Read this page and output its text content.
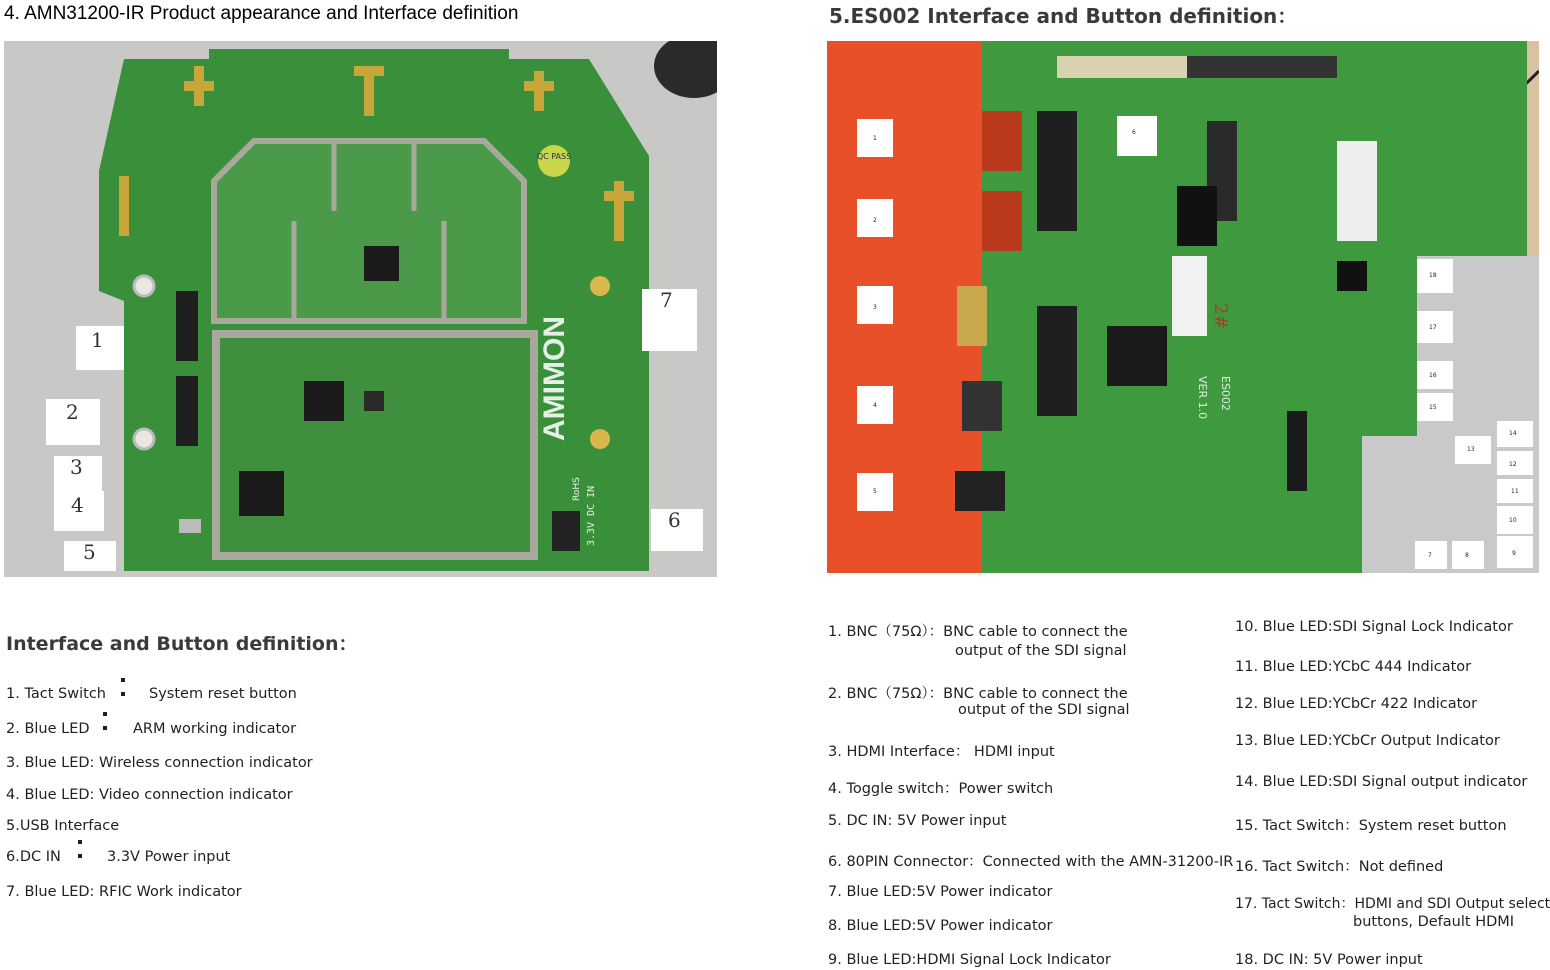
4. AMN31200-IR Product appearance and Interface definition	5.ES002 Interface and Button definition：
QC PASS
AMIMON
3.3V DC IN
RoHS
1
2
3
4
5
6
7
ES002
VER 1.0
2#
1
2
3
4
5
6
7	8	9
10
11
12
13
14
15
16
17
18
Interface and Button definition：
1. Tact Switch	System reset button
2. Blue LED	ARM working indicator
3. Blue LED: Wireless connection indicator
4. Blue LED: Video connection indicator
5.USB Interface
6.DC IN	3.3V Power input
7. Blue LED: RFIC Work indicator
1. BNC（75Ω）：BNC cable to connect the
output of the SDI signal
2. BNC（75Ω）：BNC cable to connect the
output of the SDI signal
3. HDMI Interface： HDMI input
4. Toggle switch：Power switch
5. DC IN: 5V Power input
6. 80PIN Connector：Connected with the AMN-31200-IR
7. Blue LED:5V Power indicator
8. Blue LED:5V Power indicator
9. Blue LED:HDMI Signal Lock Indicator
10. Blue LED:SDI Signal Lock Indicator
11. Blue LED:YCbC 444 Indicator
12. Blue LED:YCbCr 422 Indicator
13. Blue LED:YCbCr Output Indicator
14. Blue LED:SDI Signal output indicator
15. Tact Switch：System reset button
16. Tact Switch：Not defined
17. Tact Switch：HDMI and SDI Output select
buttons, Default HDMI
18. DC IN: 5V Power input
